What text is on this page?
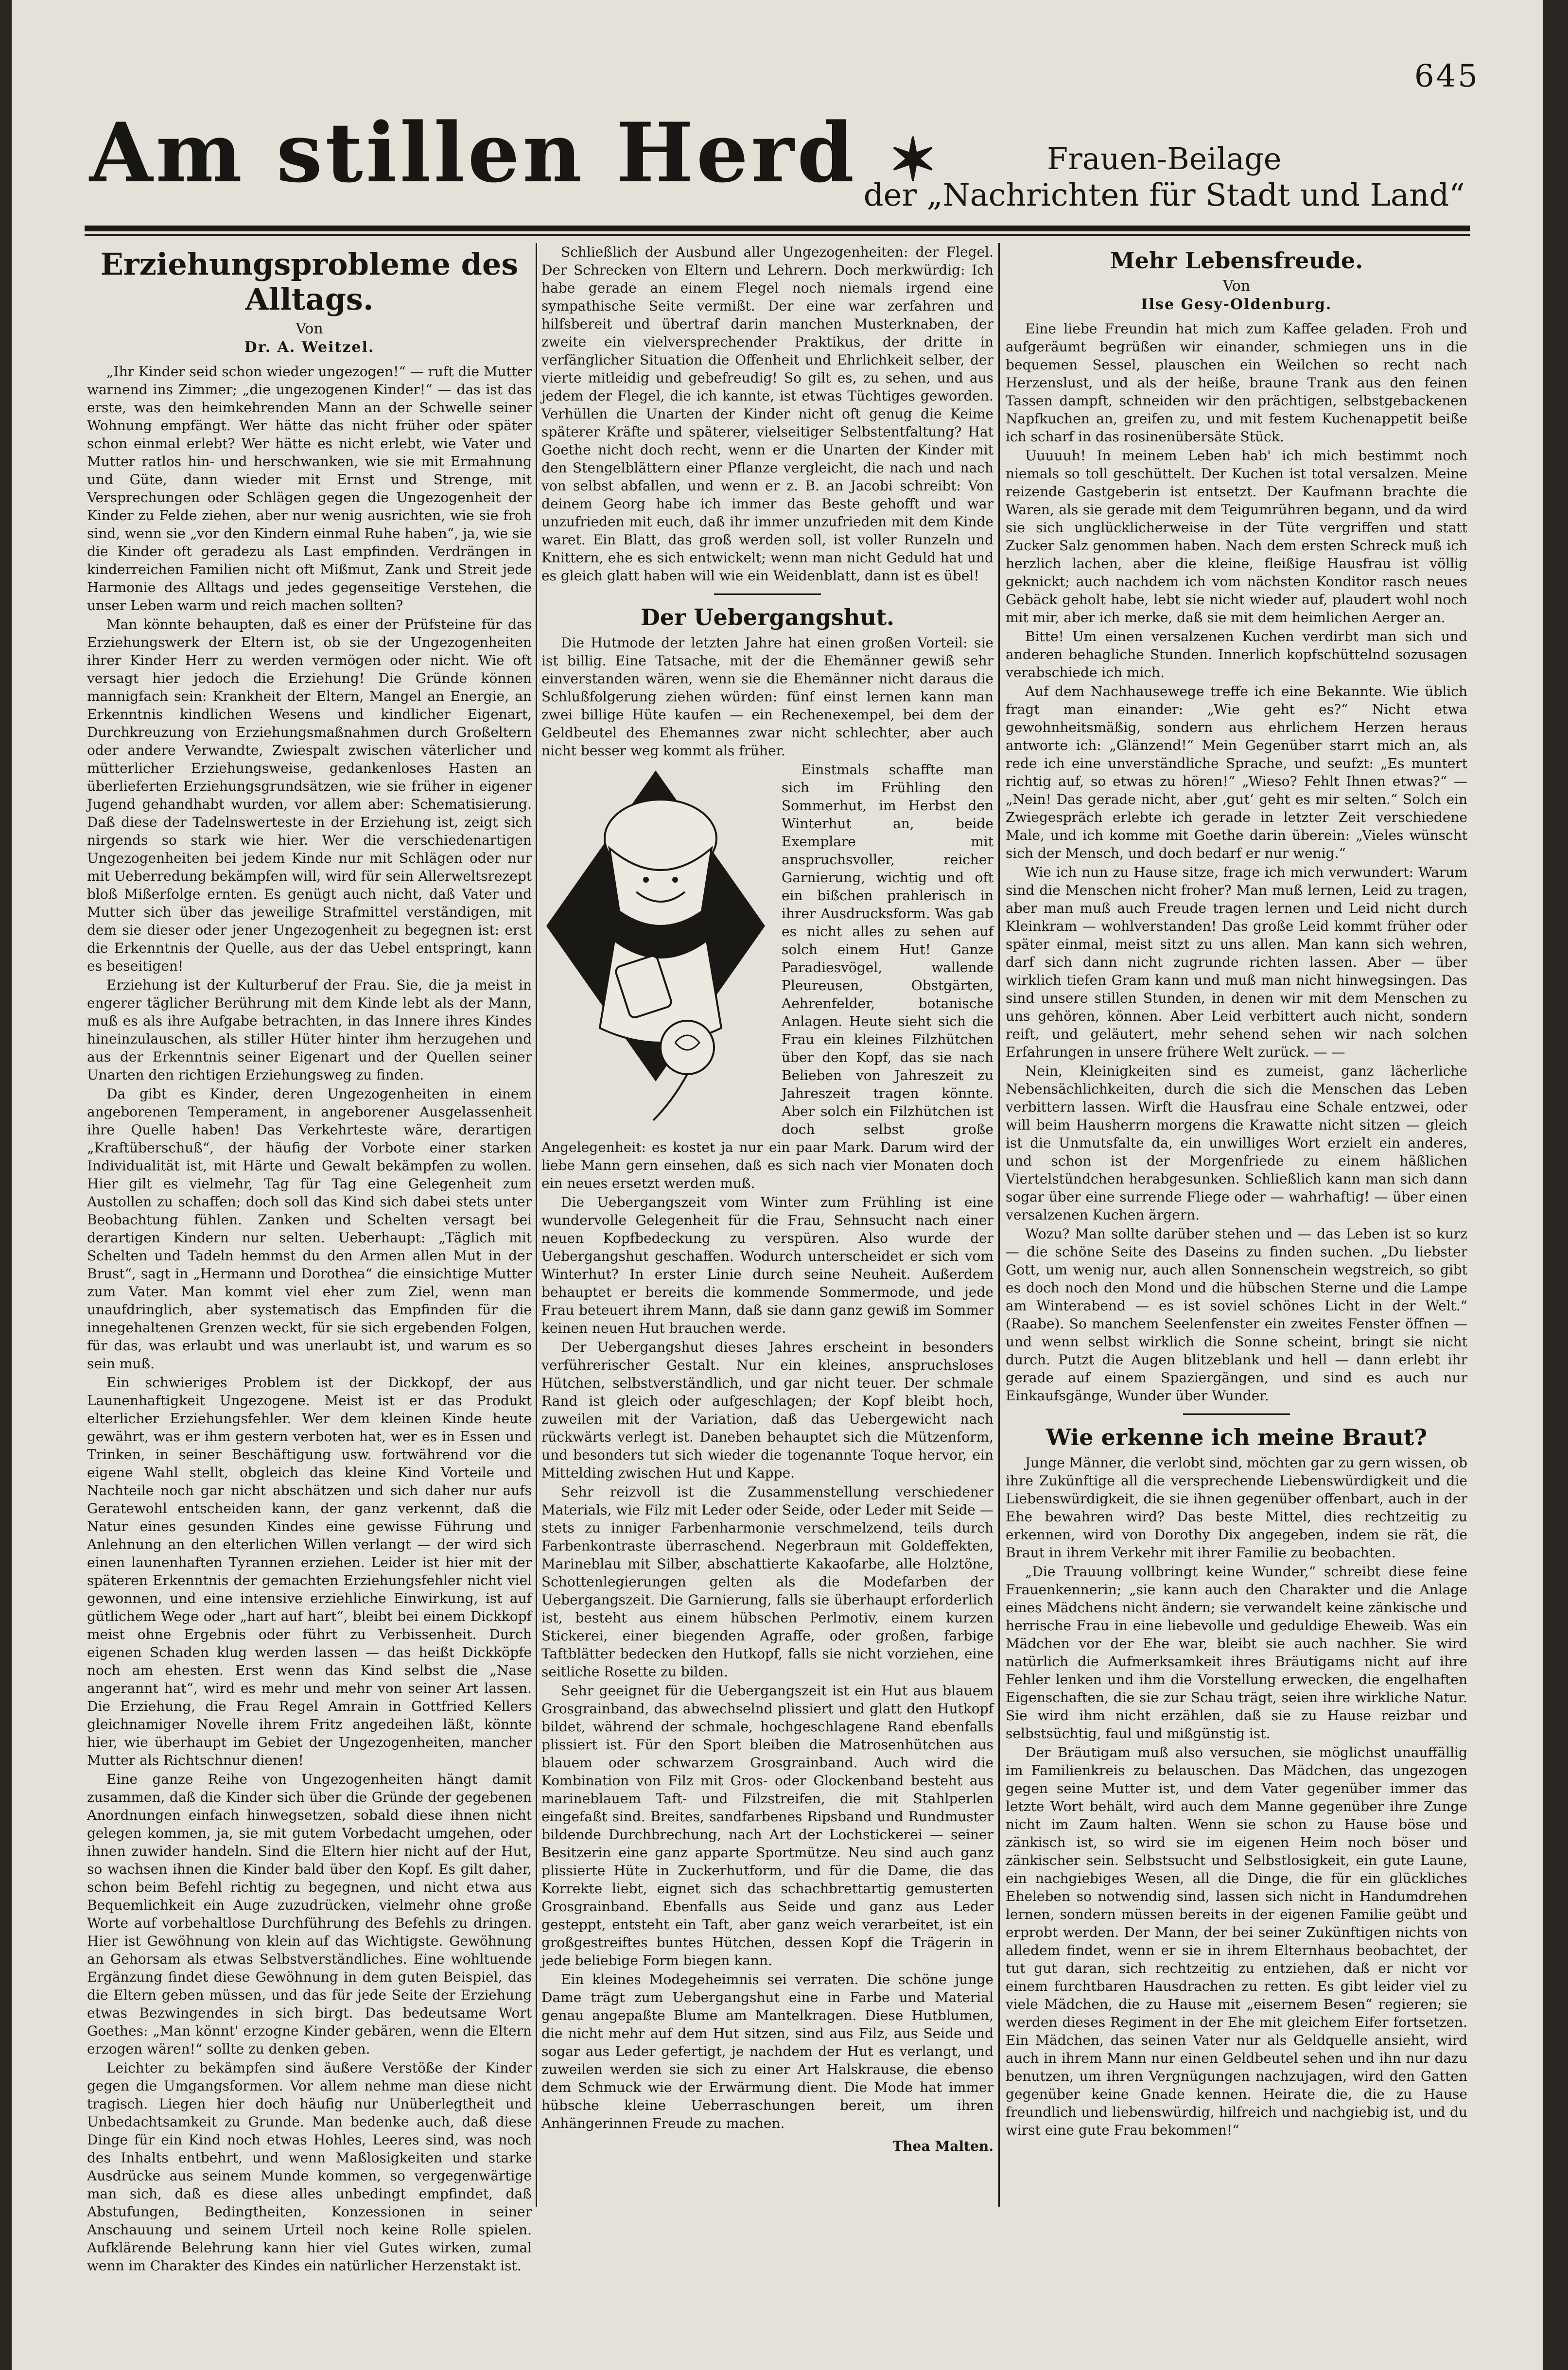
645
Am stillen Herd ✶	Frauen-Beilage
der „Nachrichten für Stadt und Land“
Erziehungsprobleme des Alltags.
Von
Dr. A. Weitzel.

„Ihr Kinder seid schon wieder ungezogen!“ — ruft die Mutter warnend ins Zimmer; „die ungezogenen Kinder!“ — das ist das erste, was den heimkehrenden Mann an der Schwelle seiner Wohnung empfängt. Wer hätte das nicht früher oder später schon einmal erlebt? Wer hätte es nicht erlebt, wie Vater und Mutter ratlos hin- und herschwanken, wie sie mit Ermahnung und Güte, dann wieder mit Ernst und Strenge, mit Versprechungen oder Schlägen gegen die Ungezogenheit der Kinder zu Felde ziehen, aber nur wenig ausrichten, wie sie froh sind, wenn sie „vor den Kindern einmal Ruhe haben“, ja, wie sie die Kinder oft geradezu als Last empfinden. Verdrängen in kinderreichen Familien nicht oft Mißmut, Zank und Streit jede Harmonie des Alltags und jedes gegenseitige Verstehen, die unser Leben warm und reich machen sollten?

Man könnte behaupten, daß es einer der Prüfsteine für das Erziehungswerk der Eltern ist, ob sie der Ungezogenheiten ihrer Kinder Herr zu werden vermögen oder nicht. Wie oft versagt hier jedoch die Erziehung! Die Gründe können mannigfach sein: Krankheit der Eltern, Mangel an Energie, an Erkenntnis kindlichen Wesens und kindlicher Eigenart, Durchkreuzung von Erziehungsmaßnahmen durch Großeltern oder andere Verwandte, Zwiespalt zwischen väterlicher und mütterlicher Erziehungsweise, gedankenloses Hasten an überlieferten Erziehungsgrundsätzen, wie sie früher in eigener Jugend gehandhabt wurden, vor allem aber: Schematisierung. Daß diese der Tadelnswerteste in der Erziehung ist, zeigt sich nirgends so stark wie hier. Wer die verschiedenartigen Ungezogenheiten bei jedem Kinde nur mit Schlägen oder nur mit Ueberredung bekämpfen will, wird für sein Allerweltsrezept bloß Mißerfolge ernten. Es genügt auch nicht, daß Vater und Mutter sich über das jeweilige Strafmittel verständigen, mit dem sie dieser oder jener Ungezogenheit zu begegnen ist: erst die Erkenntnis der Quelle, aus der das Uebel entspringt, kann es beseitigen!

Erziehung ist der Kulturberuf der Frau. Sie, die ja meist in engerer täglicher Berührung mit dem Kinde lebt als der Mann, muß es als ihre Aufgabe betrachten, in das Innere ihres Kindes hineinzulauschen, als stiller Hüter hinter ihm herzugehen und aus der Erkenntnis seiner Eigenart und der Quellen seiner Unarten den richtigen Erziehungsweg zu finden.

Da gibt es Kinder, deren Ungezogenheiten in einem angeborenen Temperament, in angeborener Ausgelassenheit ihre Quelle haben! Das Verkehrteste wäre, derartigen „Kraftüberschuß“, der häufig der Vorbote einer starken Individualität ist, mit Härte und Gewalt bekämpfen zu wollen. Hier gilt es vielmehr, Tag für Tag eine Gelegenheit zum Austollen zu schaffen; doch soll das Kind sich dabei stets unter Beobachtung fühlen. Zanken und Schelten versagt bei derartigen Kindern nur selten. Ueberhaupt: „Täglich mit Schelten und Tadeln hemmst du den Armen allen Mut in der Brust“, sagt in „Hermann und Dorothea“ die einsichtige Mutter zum Vater. Man kommt viel eher zum Ziel, wenn man unaufdringlich, aber systematisch das Empfinden für die innegehaltenen Grenzen weckt, für sie sich ergebenden Folgen, für das, was erlaubt und was unerlaubt ist, und warum es so sein muß.

Ein schwieriges Problem ist der Dickkopf, der aus Launenhaftigkeit Ungezogene. Meist ist er das Produkt elterlicher Erziehungsfehler. Wer dem kleinen Kinde heute gewährt, was er ihm gestern verboten hat, wer es in Essen und Trinken, in seiner Beschäftigung usw. fortwährend vor die eigene Wahl stellt, obgleich das kleine Kind Vorteile und Nachteile noch gar nicht abschätzen und sich daher nur aufs Geratewohl entscheiden kann, der ganz verkennt, daß die Natur eines gesunden Kindes eine gewisse Führung und Anlehnung an den elterlichen Willen verlangt — der wird sich einen launenhaften Tyrannen erziehen. Leider ist hier mit der späteren Erkenntnis der gemachten Erziehungsfehler nicht viel gewonnen, und eine intensive erziehliche Einwirkung, ist auf gütlichem Wege oder „hart auf hart“, bleibt bei einem Dickkopf meist ohne Ergebnis oder führt zu Verbissenheit. Durch eigenen Schaden klug werden lassen — das heißt Dickköpfe noch am ehesten. Erst wenn das Kind selbst die „Nase angerannt hat“, wird es mehr und mehr von seiner Art lassen. Die Erziehung, die Frau Regel Amrain in Gottfried Kellers gleichnamiger Novelle ihrem Fritz angedeihen läßt, könnte hier, wie überhaupt im Gebiet der Ungezogenheiten, mancher Mutter als Richtschnur dienen!

Eine ganze Reihe von Ungezogenheiten hängt damit zusammen, daß die Kinder sich über die Gründe der gegebenen Anordnungen einfach hinwegsetzen, sobald diese ihnen nicht gelegen kommen, ja, sie mit gutem Vorbedacht umgehen, oder ihnen zuwider handeln. Sind die Eltern hier nicht auf der Hut, so wachsen ihnen die Kinder bald über den Kopf. Es gilt daher, schon beim Befehl richtig zu begegnen, und nicht etwa aus Bequemlichkeit ein Auge zuzudrücken, vielmehr ohne große Worte auf vorbehaltlose Durchführung des Befehls zu dringen. Hier ist Gewöhnung von klein auf das Wichtigste. Gewöhnung an Gehorsam als etwas Selbstverständliches. Eine wohltuende Ergänzung findet diese Gewöhnung in dem guten Beispiel, das die Eltern geben müssen, und das für jede Seite der Erziehung etwas Bezwingendes in sich birgt. Das bedeutsame Wort Goethes: „Man könnt' erzogne Kinder gebären, wenn die Eltern erzogen wären!“ sollte zu denken geben.

Leichter zu bekämpfen sind äußere Verstöße der Kinder gegen die Umgangsformen. Vor allem nehme man diese nicht tragisch. Liegen hier doch häufig nur Unüberlegtheit und Unbedachtsamkeit zu Grunde. Man bedenke auch, daß diese Dinge für ein Kind noch etwas Hohles, Leeres sind, was noch des Inhalts entbehrt, und wenn Maßlosigkeiten und starke Ausdrücke aus seinem Munde kommen, so vergegenwärtige man sich, daß es diese alles unbedingt empfindet, daß Abstufungen, Bedingtheiten, Konzessionen in seiner Anschauung und seinem Urteil noch keine Rolle spielen. Aufklärende Belehrung kann hier viel Gutes wirken, zumal wenn im Charakter des Kindes ein natürlicher Herzenstakt ist.

Schließlich der Ausbund aller Ungezogenheiten: der Flegel. Der Schrecken von Eltern und Lehrern. Doch merkwürdig: Ich habe gerade an einem Flegel noch niemals irgend eine sympathische Seite vermißt. Der eine war zerfahren und hilfsbereit und übertraf darin manchen Musterknaben, der zweite ein vielversprechender Praktikus, der dritte in verfänglicher Situation die Offenheit und Ehrlichkeit selber, der vierte mitleidig und gebefreudig! So gilt es, zu sehen, und aus jedem der Flegel, die ich kannte, ist etwas Tüchtiges geworden. Verhüllen die Unarten der Kinder nicht oft genug die Keime späterer Kräfte und späterer, vielseitiger Selbstentfaltung? Hat Goethe nicht doch recht, wenn er die Unarten der Kinder mit den Stengelblättern einer Pflanze vergleicht, die nach und nach von selbst abfallen, und wenn er z. B. an Jacobi schreibt: Von deinem Georg habe ich immer das Beste gehofft und war unzufrieden mit euch, daß ihr immer unzufrieden mit dem Kinde waret. Ein Blatt, das groß werden soll, ist voller Runzeln und Knittern, ehe es sich entwickelt; wenn man nicht Geduld hat und es gleich glatt haben will wie ein Weidenblatt, dann ist es übel!

Der Uebergangshut.

Die Hutmode der letzten Jahre hat einen großen Vorteil: sie ist billig. Eine Tatsache, mit der die Ehemänner gewiß sehr einverstanden wären, wenn sie die Ehemänner nicht daraus die Schlußfolgerung ziehen würden: fünf einst lernen kann man zwei billige Hüte kaufen — ein Rechenexempel, bei dem der Geldbeutel des Ehemannes zwar nicht schlechter, aber auch nicht besser weg kommt als früher.

Einstmals schaffte man sich im Frühling den Sommerhut, im Herbst den Winterhut an, beide Exemplare mit anspruchsvoller, reicher Garnierung, wichtig und oft ein bißchen prahlerisch in ihrer Ausdrucksform. Was gab es nicht alles zu sehen auf solch einem Hut! Ganze Paradiesvögel, wallende Pleureusen, Obstgärten, Aehrenfelder, botanische Anlagen. Heute sieht sich die Frau ein kleines Filzhütchen über den Kopf, das sie nach Belieben von Jahreszeit zu Jahreszeit tragen könnte. Aber solch ein Filzhütchen ist doch selbst große Angelegenheit: es kostet ja nur ein paar Mark. Darum wird der liebe Mann gern einsehen, daß es sich nach vier Monaten doch ein neues ersetzt werden muß.

Die Uebergangszeit vom Winter zum Frühling ist eine wundervolle Gelegenheit für die Frau, Sehnsucht nach einer neuen Kopfbedeckung zu verspüren. Also wurde der Uebergangshut geschaffen. Wodurch unterscheidet er sich vom Winterhut? In erster Linie durch seine Neuheit. Außerdem behauptet er bereits die kommende Sommermode, und jede Frau beteuert ihrem Mann, daß sie dann ganz gewiß im Sommer keinen neuen Hut brauchen werde.

Der Uebergangshut dieses Jahres erscheint in besonders verführerischer Gestalt. Nur ein kleines, anspruchsloses Hütchen, selbstverständlich, und gar nicht teuer. Der schmale Rand ist gleich oder aufgeschlagen; der Kopf bleibt hoch, zuweilen mit der Variation, daß das Uebergewicht nach rückwärts verlegt ist. Daneben behauptet sich die Mützenform, und besonders tut sich wieder die togenannte Toque hervor, ein Mittelding zwischen Hut und Kappe.

Sehr reizvoll ist die Zusammenstellung verschiedener Materials, wie Filz mit Leder oder Seide, oder Leder mit Seide — stets zu inniger Farbenharmonie verschmelzend, teils durch Farbenkontraste überraschend. Negerbraun mit Goldeffekten, Marineblau mit Silber, abschattierte Kakaofarbe, alle Holztöne, Schottenlegierungen gelten als die Modefarben der Uebergangszeit. Die Garnierung, falls sie überhaupt erforderlich ist, besteht aus einem hübschen Perlmotiv, einem kurzen Stickerei, einer biegenden Agraffe, oder großen, farbige Taftblätter bedecken den Hutkopf, falls sie nicht vorziehen, eine seitliche Rosette zu bilden.

Sehr geeignet für die Uebergangszeit ist ein Hut aus blauem Grosgrainband, das abwechselnd plissiert und glatt den Hutkopf bildet, während der schmale, hochgeschlagene Rand ebenfalls plissiert ist. Für den Sport bleiben die Matrosenhütchen aus blauem oder schwarzem Grosgrainband. Auch wird die Kombination von Filz mit Gros- oder Glockenband besteht aus marineblauem Taft- und Filzstreifen, die mit Stahlperlen eingefaßt sind. Breites, sandfarbenes Ripsband und Rundmuster bildende Durchbrechung, nach Art der Lochstickerei — seiner Besitzerin eine ganz apparte Sportmütze. Neu sind auch ganz plissierte Hüte in Zuckerhutform, und für die Dame, die das Korrekte liebt, eignet sich das schachbrettartig gemusterten Grosgrainband. Ebenfalls aus Seide und ganz aus Leder gesteppt, entsteht ein Taft, aber ganz weich verarbeitet, ist ein großgestreiftes buntes Hütchen, dessen Kopf die Trägerin in jede beliebige Form biegen kann.

Ein kleines Modegeheimnis sei verraten. Die schöne junge Dame trägt zum Uebergangshut eine in Farbe und Material genau angepaßte Blume am Mantelkragen. Diese Hutblumen, die nicht mehr auf dem Hut sitzen, sind aus Filz, aus Seide und sogar aus Leder gefertigt, je nachdem der Hut es verlangt, und zuweilen werden sie sich zu einer Art Halskrause, die ebenso dem Schmuck wie der Erwärmung dient. Die Mode hat immer hübsche kleine Ueberraschungen bereit, um ihren Anhängerinnen Freude zu machen.

Thea Malten.
Mehr Lebensfreude.
Von
Ilse Gesy-Oldenburg.

Eine liebe Freundin hat mich zum Kaffee geladen. Froh und aufgeräumt begrüßen wir einander, schmiegen uns in die bequemen Sessel, plauschen ein Weilchen so recht nach Herzenslust, und als der heiße, braune Trank aus den feinen Tassen dampft, schneiden wir den prächtigen, selbstgebackenen Napfkuchen an, greifen zu, und mit festem Kuchenappetit beiße ich scharf in das rosinenübersäte Stück.

Uuuuuh! In meinem Leben hab' ich mich bestimmt noch niemals so toll geschüttelt. Der Kuchen ist total versalzen. Meine reizende Gastgeberin ist entsetzt. Der Kaufmann brachte die Waren, als sie gerade mit dem Teigumrühren begann, und da wird sie sich unglücklicherweise in der Tüte vergriffen und statt Zucker Salz genommen haben. Nach dem ersten Schreck muß ich herzlich lachen, aber die kleine, fleißige Hausfrau ist völlig geknickt; auch nachdem ich vom nächsten Konditor rasch neues Gebäck geholt habe, lebt sie nicht wieder auf, plaudert wohl noch mit mir, aber ich merke, daß sie mit dem heimlichen Aerger an.

Bitte! Um einen versalzenen Kuchen verdirbt man sich und anderen behagliche Stunden. Innerlich kopfschüttelnd sozusagen verabschiede ich mich.

Auf dem Nachhausewege treffe ich eine Bekannte. Wie üblich fragt man einander: „Wie geht es?“ Nicht etwa gewohnheitsmäßig, sondern aus ehrlichem Herzen heraus antworte ich: „Glänzend!“ Mein Gegenüber starrt mich an, als rede ich eine unverständliche Sprache, und seufzt: „Es muntert richtig auf, so etwas zu hören!“ „Wieso? Fehlt Ihnen etwas?“ — „Nein! Das gerade nicht, aber ‚gut‘ geht es mir selten.“ Solch ein Zwiegespräch erlebte ich gerade in letzter Zeit verschiedene Male, und ich komme mit Goethe darin überein: „Vieles wünscht sich der Mensch, und doch bedarf er nur wenig.“

Wie ich nun zu Hause sitze, frage ich mich verwundert: Warum sind die Menschen nicht froher? Man muß lernen, Leid zu tragen, aber man muß auch Freude tragen lernen und Leid nicht durch Kleinkram — wohlverstanden! Das große Leid kommt früher oder später einmal, meist sitzt zu uns allen. Man kann sich wehren, darf sich dann nicht zugrunde richten lassen. Aber — über wirklich tiefen Gram kann und muß man nicht hinwegsingen. Das sind unsere stillen Stunden, in denen wir mit dem Menschen zu uns gehören, können. Aber Leid verbittert auch nicht, sondern reift, und geläutert, mehr sehend sehen wir nach solchen Erfahrungen in unsere frühere Welt zurück. — —

Nein, Kleinigkeiten sind es zumeist, ganz lächerliche Nebensächlichkeiten, durch die sich die Menschen das Leben verbittern lassen. Wirft die Hausfrau eine Schale entzwei, oder will beim Hausherrn morgens die Krawatte nicht sitzen — gleich ist die Unmutsfalte da, ein unwilliges Wort erzielt ein anderes, und schon ist der Morgenfriede zu einem häßlichen Viertelstündchen herabgesunken. Schließlich kann man sich dann sogar über eine surrende Fliege oder — wahrhaftig! — über einen versalzenen Kuchen ärgern.

Wozu? Man sollte darüber stehen und — das Leben ist so kurz — die schöne Seite des Daseins zu finden suchen. „Du liebster Gott, um wenig nur, auch allen Sonnenschein wegstreich, so gibt es doch noch den Mond und die hübschen Sterne und die Lampe am Winterabend — es ist soviel schönes Licht in der Welt.“ (Raabe). So manchem Seelenfenster ein zweites Fenster öffnen — und wenn selbst wirklich die Sonne scheint, bringt sie nicht durch. Putzt die Augen blitzeblank und hell — dann erlebt ihr gerade auf einem Spaziergängen, und sind es auch nur Einkaufsgänge, Wunder über Wunder.

Wie erkenne ich meine Braut?

Junge Männer, die verlobt sind, möchten gar zu gern wissen, ob ihre Zukünftige all die versprechende Liebenswürdigkeit und die Liebenswürdigkeit, die sie ihnen gegenüber offenbart, auch in der Ehe bewahren wird? Das beste Mittel, dies rechtzeitig zu erkennen, wird von Dorothy Dix angegeben, indem sie rät, die Braut in ihrem Verkehr mit ihrer Familie zu beobachten.

„Die Trauung vollbringt keine Wunder,“ schreibt diese feine Frauenkennerin; „sie kann auch den Charakter und die Anlage eines Mädchens nicht ändern; sie verwandelt keine zänkische und herrische Frau in eine liebevolle und geduldige Eheweib. Was ein Mädchen vor der Ehe war, bleibt sie auch nachher. Sie wird natürlich die Aufmerksamkeit ihres Bräutigams nicht auf ihre Fehler lenken und ihm die Vorstellung erwecken, die engelhaften Eigenschaften, die sie zur Schau trägt, seien ihre wirkliche Natur. Sie wird ihm nicht erzählen, daß sie zu Hause reizbar und selbstsüchtig, faul und mißgünstig ist.

Der Bräutigam muß also versuchen, sie möglichst unauffällig im Familienkreis zu belauschen. Das Mädchen, das ungezogen gegen seine Mutter ist, und dem Vater gegenüber immer das letzte Wort behält, wird auch dem Manne gegenüber ihre Zunge nicht im Zaum halten. Wenn sie schon zu Hause böse und zänkisch ist, so wird sie im eigenen Heim noch böser und zänkischer sein. Selbstsucht und Selbstlosigkeit, ein gute Laune, ein nachgiebiges Wesen, all die Dinge, die für ein glückliches Eheleben so notwendig sind, lassen sich nicht in Handumdrehen lernen, sondern müssen bereits in der eigenen Familie geübt und erprobt werden. Der Mann, der bei seiner Zukünftigen nichts von alledem findet, wenn er sie in ihrem Elternhaus beobachtet, der tut gut daran, sich rechtzeitig zu entziehen, daß er nicht vor einem furchtbaren Hausdrachen zu retten. Es gibt leider viel zu viele Mädchen, die zu Hause mit „eisernem Besen“ regieren; sie werden dieses Regiment in der Ehe mit gleichem Eifer fortsetzen. Ein Mädchen, das seinen Vater nur als Geldquelle ansieht, wird auch in ihrem Mann nur einen Geldbeutel sehen und ihn nur dazu benutzen, um ihren Vergnügungen nachzujagen, wird den Gatten gegenüber keine Gnade kennen. Heirate die, die zu Hause freundlich und liebenswürdig, hilfreich und nachgiebig ist, und du wirst eine gute Frau bekommen!“
